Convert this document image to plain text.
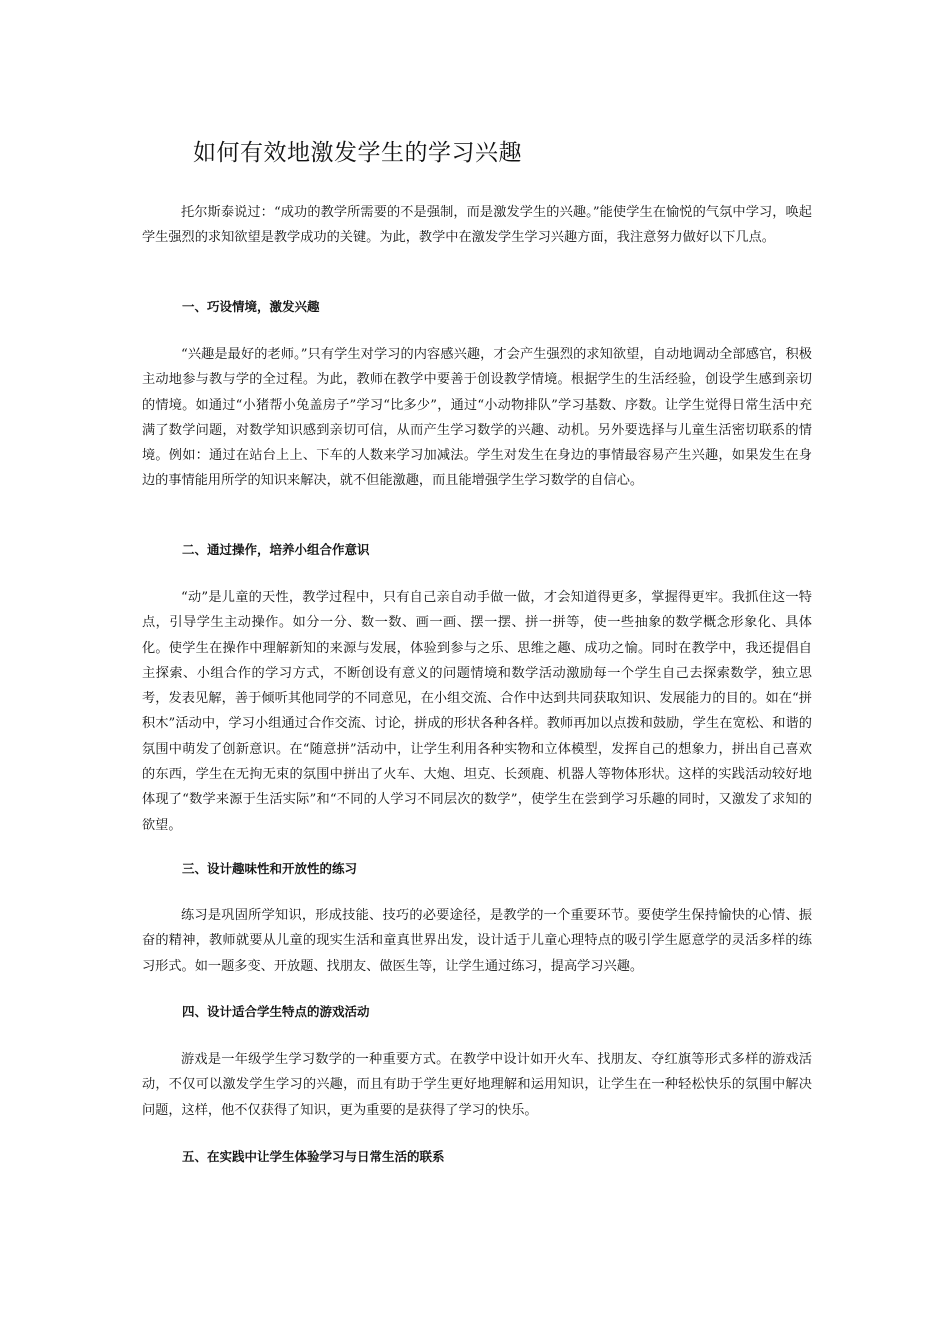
如何有效地激发学生的学习兴趣

托尔斯泰说过：“成功的教学所需要的不是强制，而是激发学生的兴趣。”能使学生在愉悦的气氛中学习，唤起学生强烈的求知欲望是教学成功的关键。为此，教学中在激发学生学习兴趣方面，我注意努力做好以下几点。

一、巧设情境，激发兴趣

“兴趣是最好的老师。”只有学生对学习的内容感兴趣，才会产生强烈的求知欲望，自动地调动全部感官，积极主动地参与教与学的全过程。为此，教师在教学中要善于创设教学情境。根据学生的生活经验，创设学生感到亲切的情境。如通过“小猪帮小兔盖房子”学习“比多少”，通过“小动物排队”学习基数、序数。让学生觉得日常生活中充满了数学问题，对数学知识感到亲切可信，从而产生学习数学的兴趣、动机。另外要选择与儿童生活密切联系的情境。例如：通过在站台上上、下车的人数来学习加减法。学生对发生在身边的事情最容易产生兴趣，如果发生在身边的事情能用所学的知识来解决，就不但能激趣，而且能增强学生学习数学的自信心。

二、通过操作，培养小组合作意识

“动”是儿童的天性，教学过程中，只有自己亲自动手做一做，才会知道得更多，掌握得更牢。我抓住这一特点，引导学生主动操作。如分一分、数一数、画一画、摆一摆、拼一拼等，使一些抽象的数学概念形象化、具体化。使学生在操作中理解新知的来源与发展，体验到参与之乐、思维之趣、成功之愉。同时在教学中，我还提倡自主探索、小组合作的学习方式，不断创设有意义的问题情境和数学活动激励每一个学生自己去探索数学，独立思考，发表见解，善于倾听其他同学的不同意见，在小组交流、合作中达到共同获取知识、发展能力的目的。如在“拼积木”活动中，学习小组通过合作交流、讨论，拼成的形状各种各样。教师再加以点拨和鼓励，学生在宽松、和谐的氛围中萌发了创新意识。在“随意拼”活动中，让学生利用各种实物和立体模型，发挥自己的想象力，拼出自己喜欢的东西，学生在无拘无束的氛围中拼出了火车、大炮、坦克、长颈鹿、机器人等物体形状。这样的实践活动较好地体现了“数学来源于生活实际”和“不同的人学习不同层次的数学”，使学生在尝到学习乐趣的同时，又激发了求知的欲望。

三、设计趣味性和开放性的练习

练习是巩固所学知识，形成技能、技巧的必要途径，是教学的一个重要环节。要使学生保持愉快的心情、振奋的精神，教师就要从儿童的现实生活和童真世界出发，设计适于儿童心理特点的吸引学生愿意学的灵活多样的练习形式。如一题多变、开放题、找朋友、做医生等，让学生通过练习，提高学习兴趣。

四、设计适合学生特点的游戏活动

游戏是一年级学生学习数学的一种重要方式。在教学中设计如开火车、找朋友、夺红旗等形式多样的游戏活动，不仅可以激发学生学习的兴趣，而且有助于学生更好地理解和运用知识，让学生在一种轻松快乐的氛围中解决问题，这样，他不仅获得了知识，更为重要的是获得了学习的快乐。

五、在实践中让学生体验学习与日常生活的联系
